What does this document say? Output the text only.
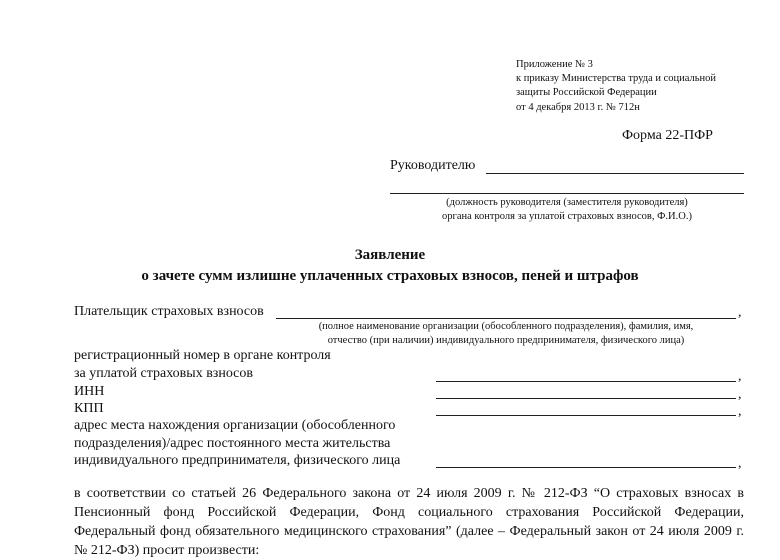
Приложение № 3
к приказу Министерства труда и социальной
защиты Российской Федерации
от 4 декабря 2013 г. № 712н
Форма 22-ПФР
Руководителю
(должность руководителя (заместителя руководителя)
органа контроля за уплатой страховых взносов, Ф.И.О.)
Заявление
о зачете сумм излишне уплаченных страховых взносов, пеней и штрафов
Плательщик страховых взносов	,
(полное наименование организации (обособленного подразделения), фамилия, имя,
отчество (при наличии) индивидуального предпринимателя, физического лица)
регистрационный номер в органе контроля
за уплатой страховых взносов	,
ИНН	,
КПП	,
адрес места нахождения организации (обособленного
подразделения)/адрес постоянного места жительства
индивидуального предпринимателя, физического лица	,
в соответствии со статьей 26 Федерального закона от 24 июля 2009 г. № 212-ФЗ “О страховых взносах в Пенсионный фонд Российской Федерации, Фонд социального страхования Российской Федерации, Федеральный фонд обязательного медицинского страхования” (далее – Федеральный закон от 24 июля 2009 г. № 212-ФЗ) просит произвести:
